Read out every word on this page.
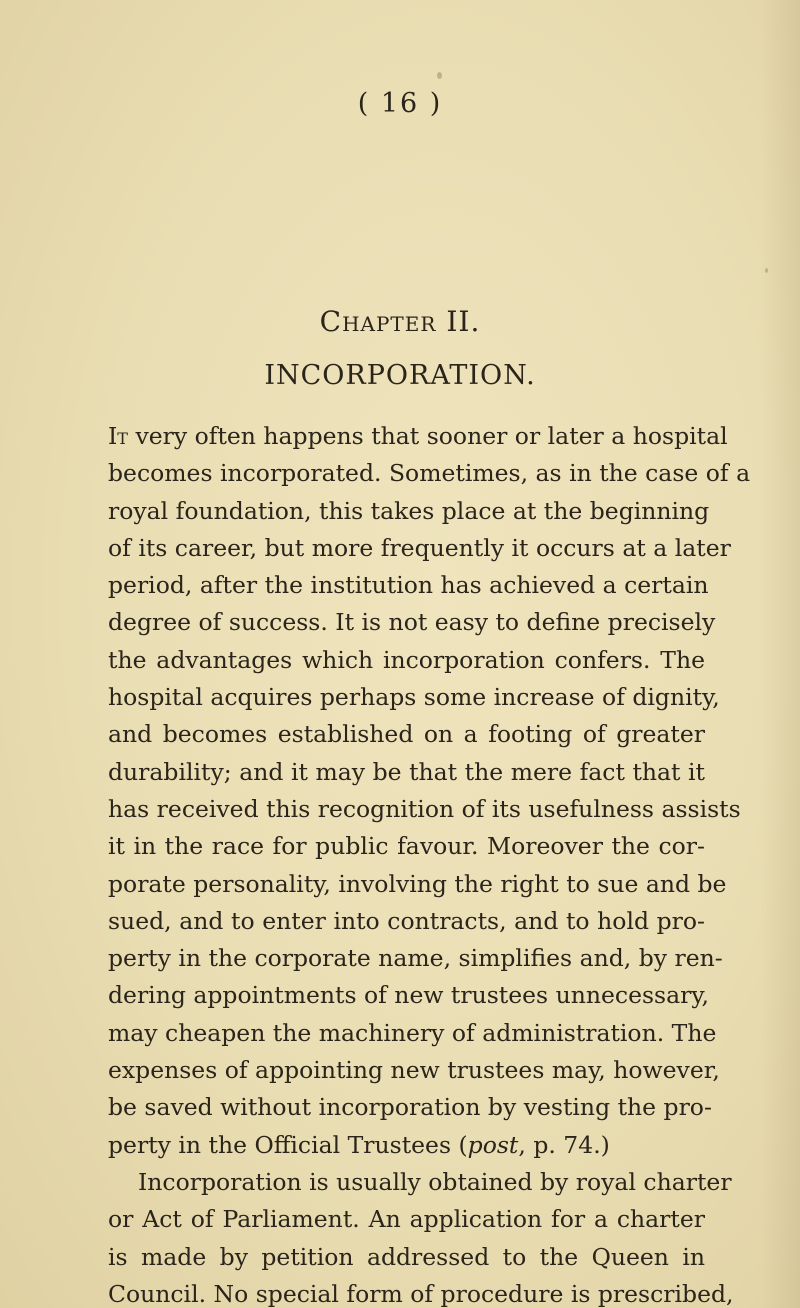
( 16 )
Chapter II.
INCORPORATION.
It very often happens that sooner or later a hospital
becomes incorporated. Sometimes, as in the case of a
royal foundation, this takes place at the beginning
of its career, but more frequently it occurs at a later
period, after the institution has achieved a certain
degree of success. It is not easy to define precisely
the advantages which incorporation confers. The
hospital acquires perhaps some increase of dignity,
and becomes established on a footing of greater
durability; and it may be that the mere fact that it
has received this recognition of its usefulness assists
it in the race for public favour. Moreover the cor-
porate personality, involving the right to sue and be
sued, and to enter into contracts, and to hold pro-
perty in the corporate name, simplifies and, by ren-
dering appointments of new trustees unnecessary,
may cheapen the machinery of administration. The
expenses of appointing new trustees may, however,
be saved without incorporation by vesting the pro-
perty in the Official Trustees (post, p. 74.)
Incorporation is usually obtained by royal charter
or Act of Parliament. An application for a charter
is made by petition addressed to the Queen in
Council. No special form of procedure is prescribed,
